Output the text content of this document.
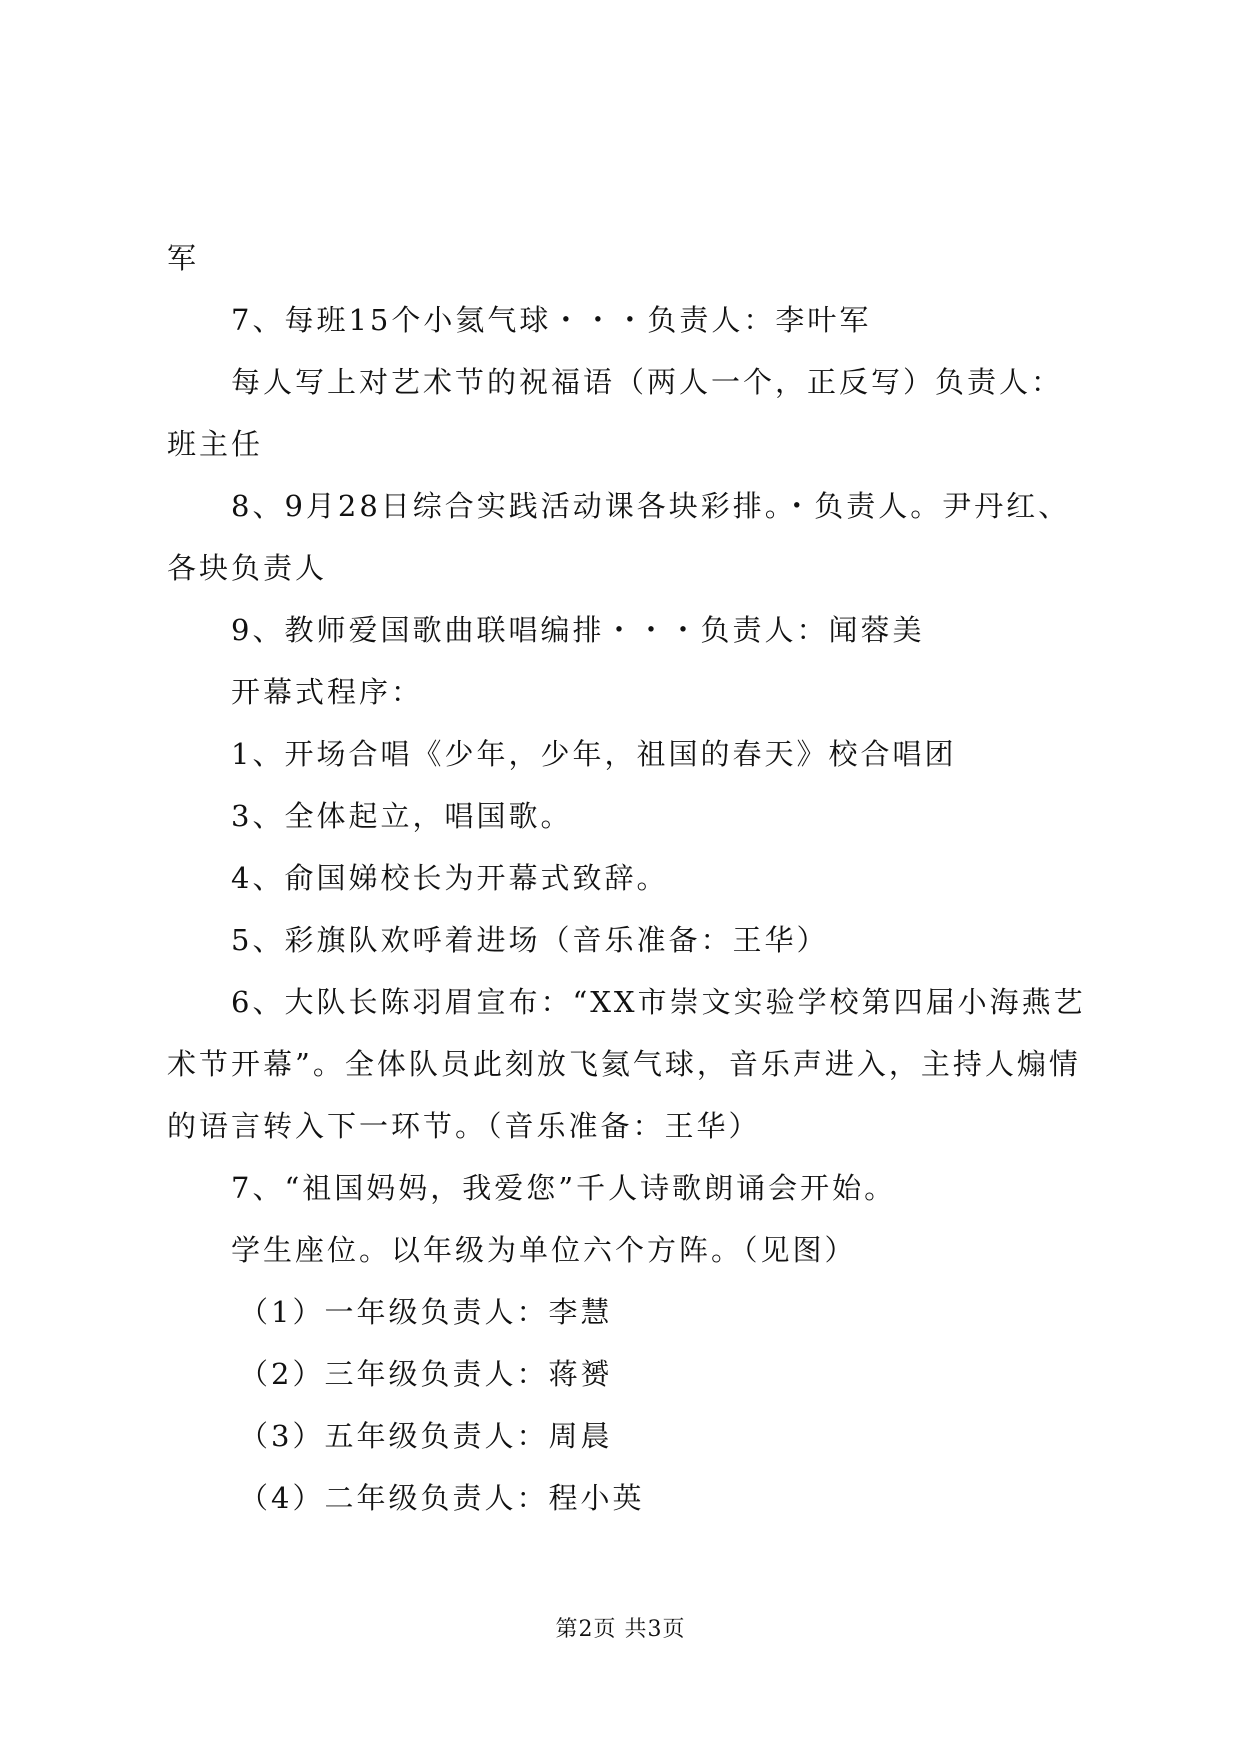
军

7、每班15个小氦气球・・・负责人：李叶军

每人写上对艺术节的祝福语（两人一个，正反写）负责人：班主任

8、9月28日综合实践活动课各块彩排。・负责人。尹丹红、各块负责人

9、教师爱国歌曲联唱编排・・・负责人：闻蓉美

开幕式程序：

1、开场合唱《少年，少年，祖国的春天》校合唱团

3、全体起立，唱国歌。

4、俞国娣校长为开幕式致辞。

5、彩旗队欢呼着进场（音乐准备：王华）

6、大队长陈羽眉宣布：“XX市崇文实验学校第四届小海燕艺术节开幕”。全体队员此刻放飞氦气球，音乐声进入，主持人煽情的语言转入下一环节。（音乐准备：王华）

7、“祖国妈妈，我爱您”千人诗歌朗诵会开始。

学生座位。以年级为单位六个方阵。（见图）

（1）一年级负责人：李慧

（2）三年级负责人：蒋赟

（3）五年级负责人：周晨

（4）二年级负责人：程小英

第2页 共3页
